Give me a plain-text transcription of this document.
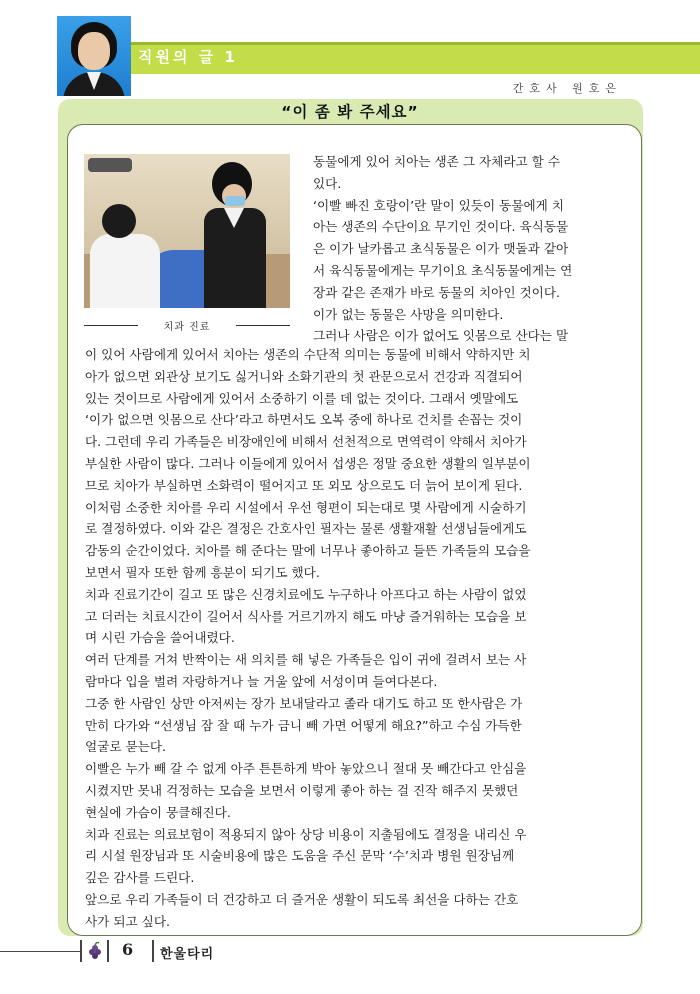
직원의 글 1
간호사 원호은
“이 좀 봐 주세요”
치과 진료
동물에게 있어 치아는 생존 그 자체라고 할 수
있다.
‘이빨 빠진 호랑이’란 말이 있듯이 동물에게 치
아는 생존의 수단이요 무기인 것이다. 육식동물
은 이가 날카롭고 초식동물은 이가 맷돌과 같아
서 육식동물에게는 무기이요 초식동물에게는 연
장과 같은 존재가 바로 동물의 치아인 것이다.
이가 없는 동물은 사망을 의미한다.
그러나 사람은 이가 없어도 잇몸으로 산다는 말
이 있어 사람에게 있어서 치아는 생존의 수단적 의미는 동물에 비해서 약하지만 치
아가 없으면 외관상 보기도 싫거니와 소화기관의 첫 관문으로서 건강과 직결되어
있는 것이므로 사람에게 있어서 소중하기 이를 데 없는 것이다. 그래서 옛말에도
‘이가 없으면 잇몸으로 산다’라고 하면서도 오복 중에 하나로 건치를 손꼽는 것이
다. 그런데 우리 가족들은 비장애인에 비해서 선천적으로 면역력이 약해서 치아가
부실한 사람이 많다. 그러나 이들에게 있어서 섭생은 정말 중요한 생활의 일부분이
므로 치아가 부실하면 소화력이 떨어지고 또 외모 상으로도 더 늙어 보이게 된다.
이처럼 소중한 치아를 우리 시설에서 우선 형편이 되는대로 몇 사람에게 시술하기
로 결정하였다. 이와 같은 결정은 간호사인 필자는 물론 생활재활 선생님들에게도
감동의 순간이었다. 치아를 해 준다는 말에 너무나 좋아하고 들뜬 가족들의 모습을
보면서 필자 또한 함께 흥분이 되기도 했다.
치과 진료기간이 길고 또 많은 신경치료에도 누구하나 아프다고 하는 사람이 없었
고 더러는 치료시간이 길어서 식사를 거르기까지 해도 마냥 즐거워하는 모습을 보
며 시린 가슴을 쓸어내렸다.
여러 단계를 거쳐 반짝이는 새 의치를 해 넣은 가족들은 입이 귀에 걸려서 보는 사
람마다 입을 벌려 자랑하거나 늘 거울 앞에 서성이며 들여다본다.
그중 한 사람인 상만 아저씨는 장가 보내달라고 졸라 대기도 하고 또 한사람은 가
만히 다가와 “선생님 잠 잘 때 누가 금니 빼 가면 어떻게 해요?”하고 수심 가득한
얼굴로 묻는다.
이빨은 누가 빼 갈 수 없게 아주 튼튼하게 박아 놓았으니 절대 못 빼간다고 안심을
시켰지만 못내 걱정하는 모습을 보면서 이렇게 좋아 하는 걸 진작 해주지 못했던
현실에 가슴이 뭉클해진다.
치과 진료는 의료보험이 적용되지 않아 상당 비용이 지출됨에도 결정을 내리신 우
리 시설 원장님과 또 시술비용에 많은 도움을 주신 문막 ‘수’치과 병원 원장님께
깊은 감사를 드린다.
앞으로 우리 가족들이 더 건강하고 더 즐거운 생활이 되도록 최선을 다하는 간호
사가 되고 싶다.
6 한울타리
